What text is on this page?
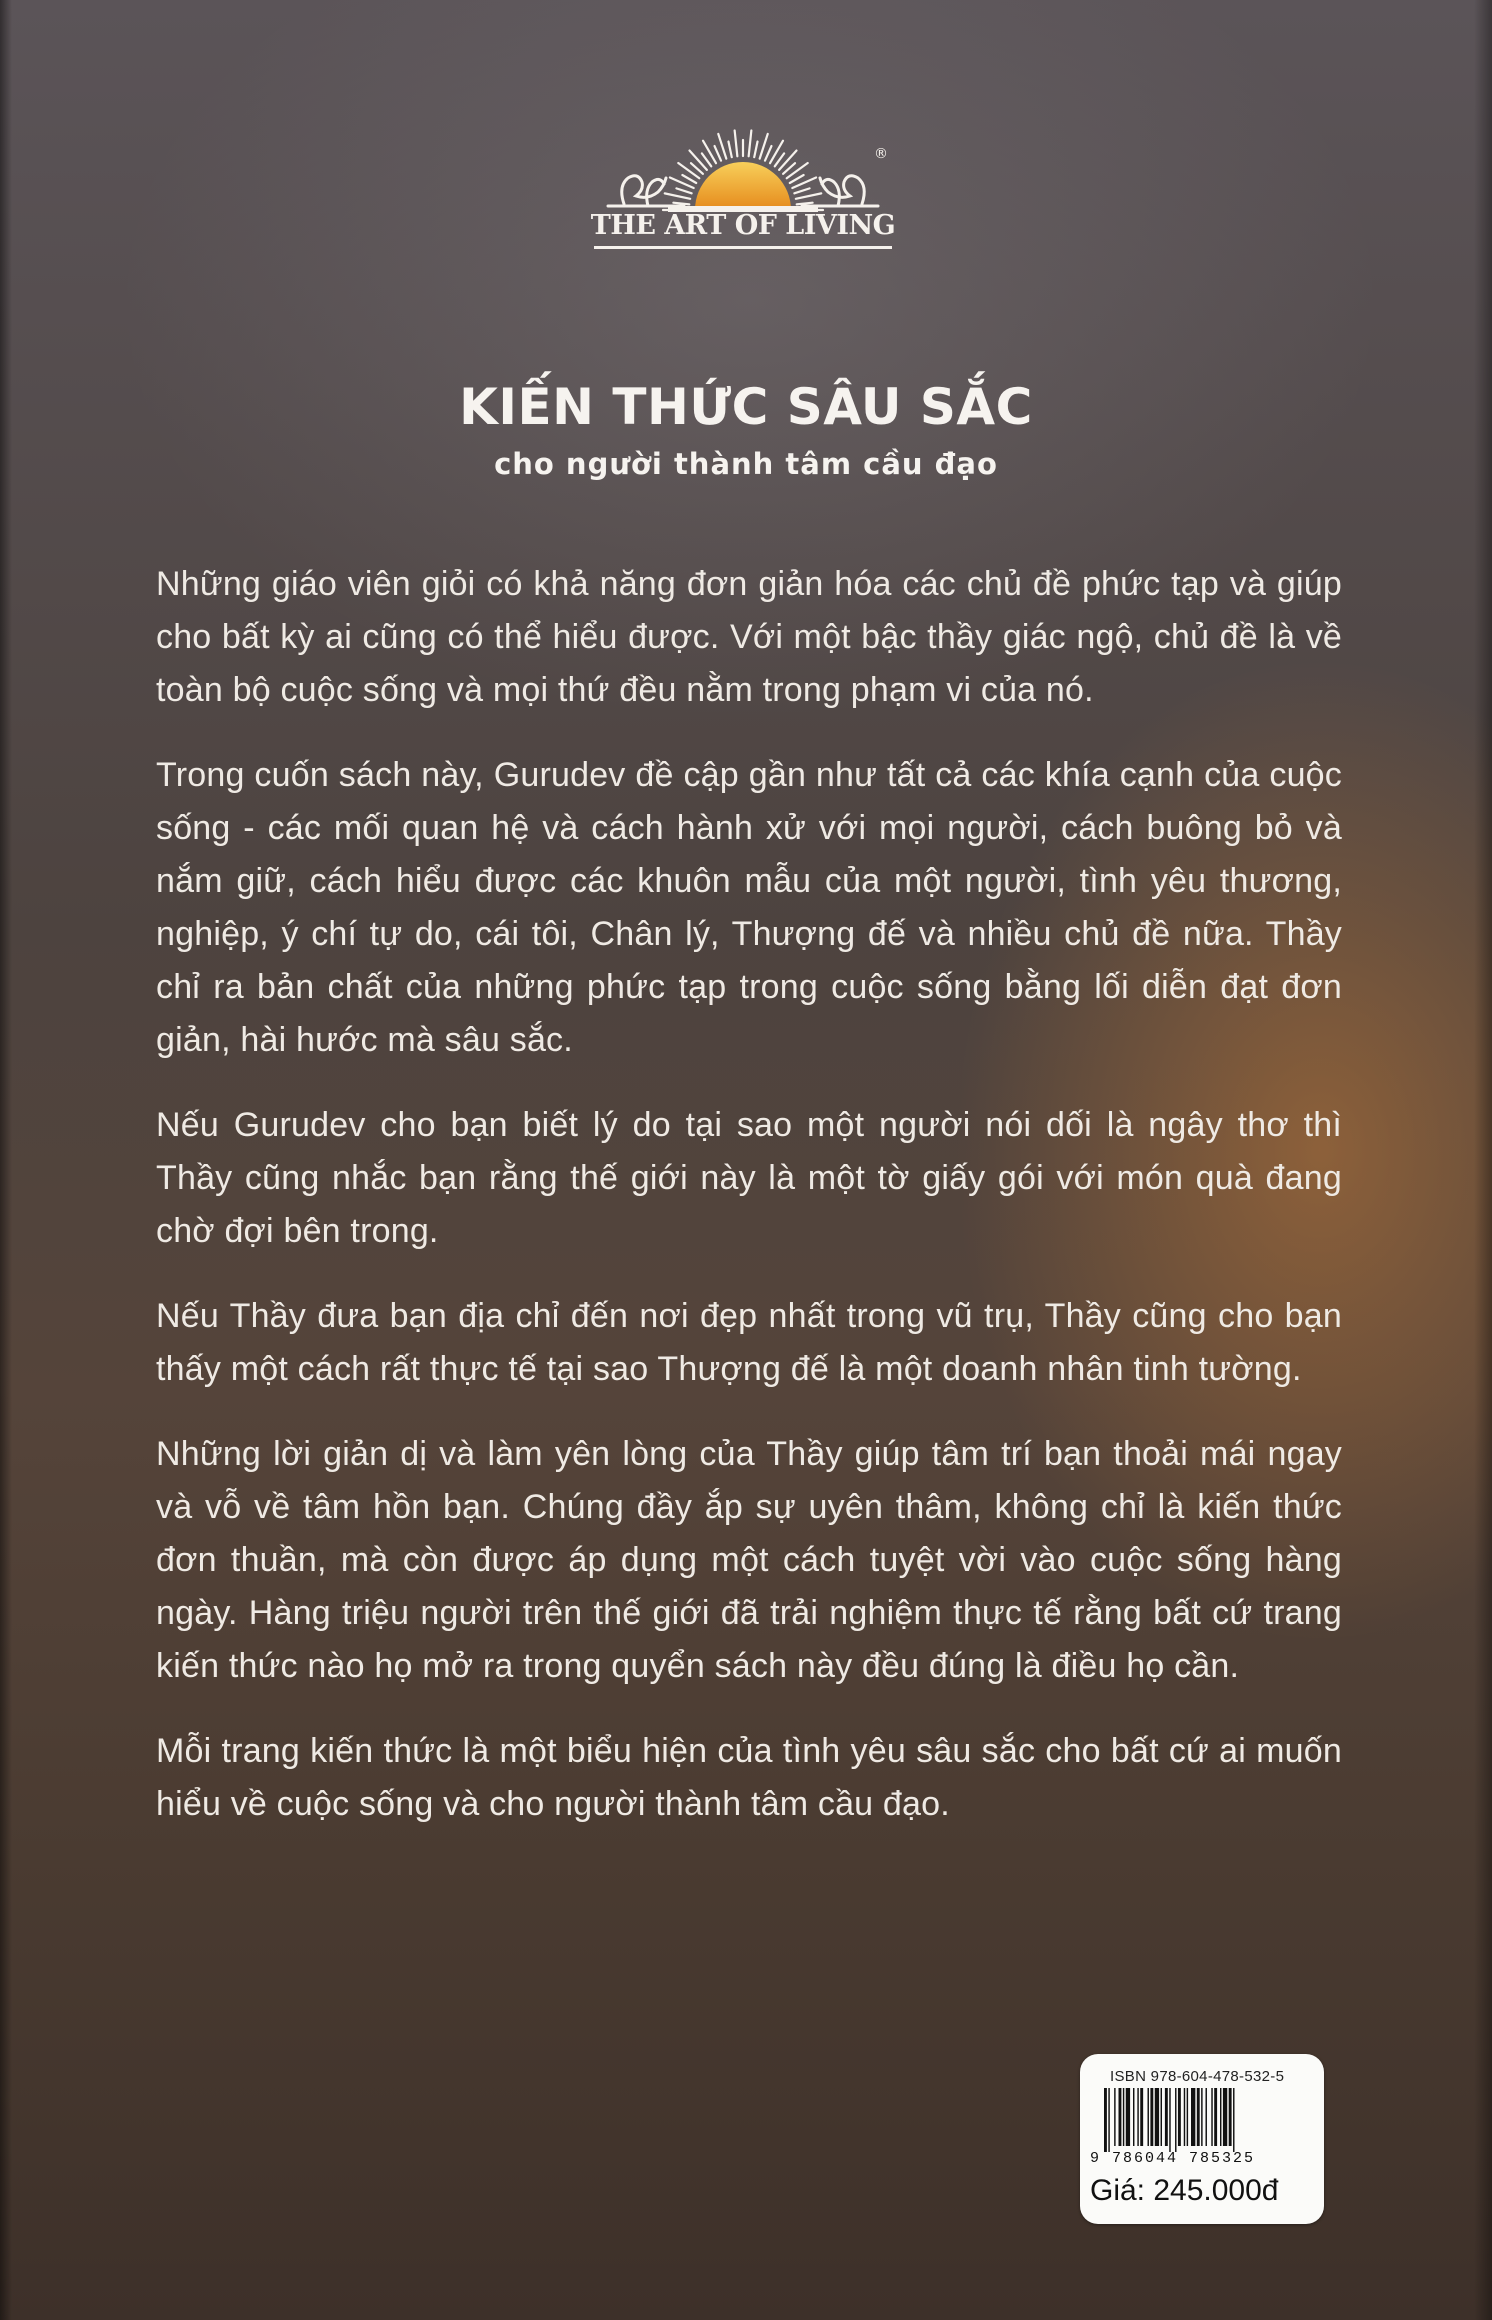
THE ART OF LIVING
®
KIẾN THỨC SÂU SẮC
cho người thành tâm cầu đạo

Những giáo viên giỏi có khả năng đơn giản hóa các chủ đề phức tạp và giúp cho bất kỳ ai cũng có thể hiểu được. Với một bậc thầy giác ngộ, chủ đề là về toàn bộ cuộc sống và mọi thứ đều nằm trong phạm vi của nó.

Trong cuốn sách này, Gurudev đề cập gần như tất cả các khía cạnh của cuộc sống - các mối quan hệ và cách hành xử với mọi người, cách buông bỏ và nắm giữ, cách hiểu được các khuôn mẫu của một người, tình yêu thương, nghiệp, ý chí tự do, cái tôi, Chân lý, Thượng đế và nhiều chủ đề nữa. Thầy chỉ ra bản chất của những phức tạp trong cuộc sống bằng lối diễn đạt đơn giản, hài hước mà sâu sắc.

Nếu Gurudev cho bạn biết lý do tại sao một người nói dối là ngây thơ thì Thầy cũng nhắc bạn rằng thế giới này là một tờ giấy gói với món quà đang chờ đợi bên trong.

Nếu Thầy đưa bạn địa chỉ đến nơi đẹp nhất trong vũ trụ, Thầy cũng cho bạn thấy một cách rất thực tế tại sao Thượng đế là một doanh nhân tinh tường.

Những lời giản dị và làm yên lòng của Thầy giúp tâm trí bạn thoải mái ngay và vỗ về tâm hồn bạn. Chúng đầy ắp sự uyên thâm, không chỉ là kiến thức đơn thuần, mà còn được áp dụng một cách tuyệt vời vào cuộc sống hàng ngày. Hàng triệu người trên thế giới đã trải nghiệm thực tế rằng bất cứ trang kiến thức nào họ mở ra trong quyển sách này đều đúng là điều họ cần.

Mỗi trang kiến thức là một biểu hiện của tình yêu sâu sắc cho bất cứ ai muốn hiểu về cuộc sống và cho người thành tâm cầu đạo.

ISBN 978-604-478-532-5
9 786044 785325
Giá: 245.000đ
